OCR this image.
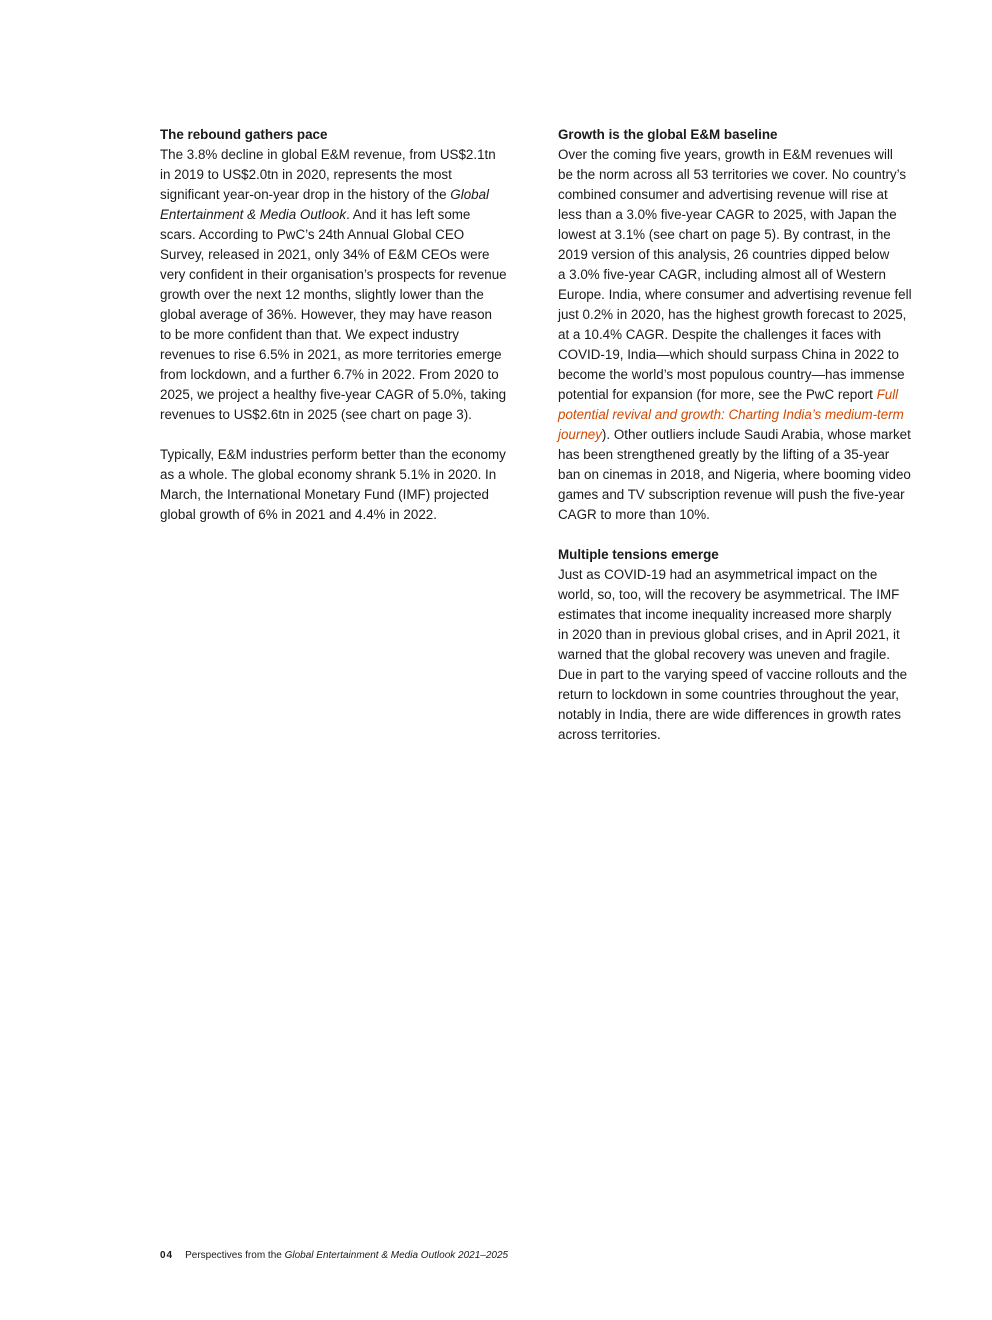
The rebound gathers pace

The 3.8% decline in global E&M revenue, from US$2.1tn
in 2019 to US$2.0tn in 2020, represents the most
significant year-on-year drop in the history of the Global
Entertainment & Media Outlook. And it has left some
scars. According to PwC’s 24th Annual Global CEO
Survey, released in 2021, only 34% of E&M CEOs were
very confident in their organisation’s prospects for revenue
growth over the next 12 months, slightly lower than the
global average of 36%. However, they may have reason
to be more confident than that. We expect industry
revenues to rise 6.5% in 2021, as more territories emerge
from lockdown, and a further 6.7% in 2022. From 2020 to
2025, we project a healthy five-year CAGR of 5.0%, taking
revenues to US$2.6tn in 2025 (see chart on page 3).
Typically, E&M industries perform better than the economy
as a whole. The global economy shrank 5.1% in 2020. In
March, the International Monetary Fund (IMF) projected
global growth of 6% in 2021 and 4.4% in 2022.

Growth is the global E&M baseline

Over the coming five years, growth in E&M revenues will
be the norm across all 53 territories we cover. No country’s
combined consumer and advertising revenue will rise at
less than a 3.0% five-year CAGR to 2025, with Japan the
lowest at 3.1% (see chart on page 5). By contrast, in the
2019 version of this analysis, 26 countries dipped below
a 3.0% five-year CAGR, including almost all of Western
Europe. India, where consumer and advertising revenue fell
just 0.2% in 2020, has the highest growth forecast to 2025,
at a 10.4% CAGR. Despite the challenges it faces with
COVID-19, India—which should surpass China in 2022 to
become the world’s most populous country—has immense
potential for expansion (for more, see the PwC report Full
potential revival and growth: Charting India’s medium-term
journey). Other outliers include Saudi Arabia, whose market
has been strengthened greatly by the lifting of a 35-year
ban on cinemas in 2018, and Nigeria, where booming video
games and TV subscription revenue will push the five-year
CAGR to more than 10%.

Multiple tensions emerge

Just as COVID-19 had an asymmetrical impact on the
world, so, too, will the recovery be asymmetrical. The IMF
estimates that income inequality increased more sharply
in 2020 than in previous global crises, and in April 2021, it
warned that the global recovery was uneven and fragile.
Due in part to the varying speed of vaccine rollouts and the
return to lockdown in some countries throughout the year,
notably in India, there are wide differences in growth rates
across territories.
04 Perspectives from the Global Entertainment & Media Outlook 2021–2025
